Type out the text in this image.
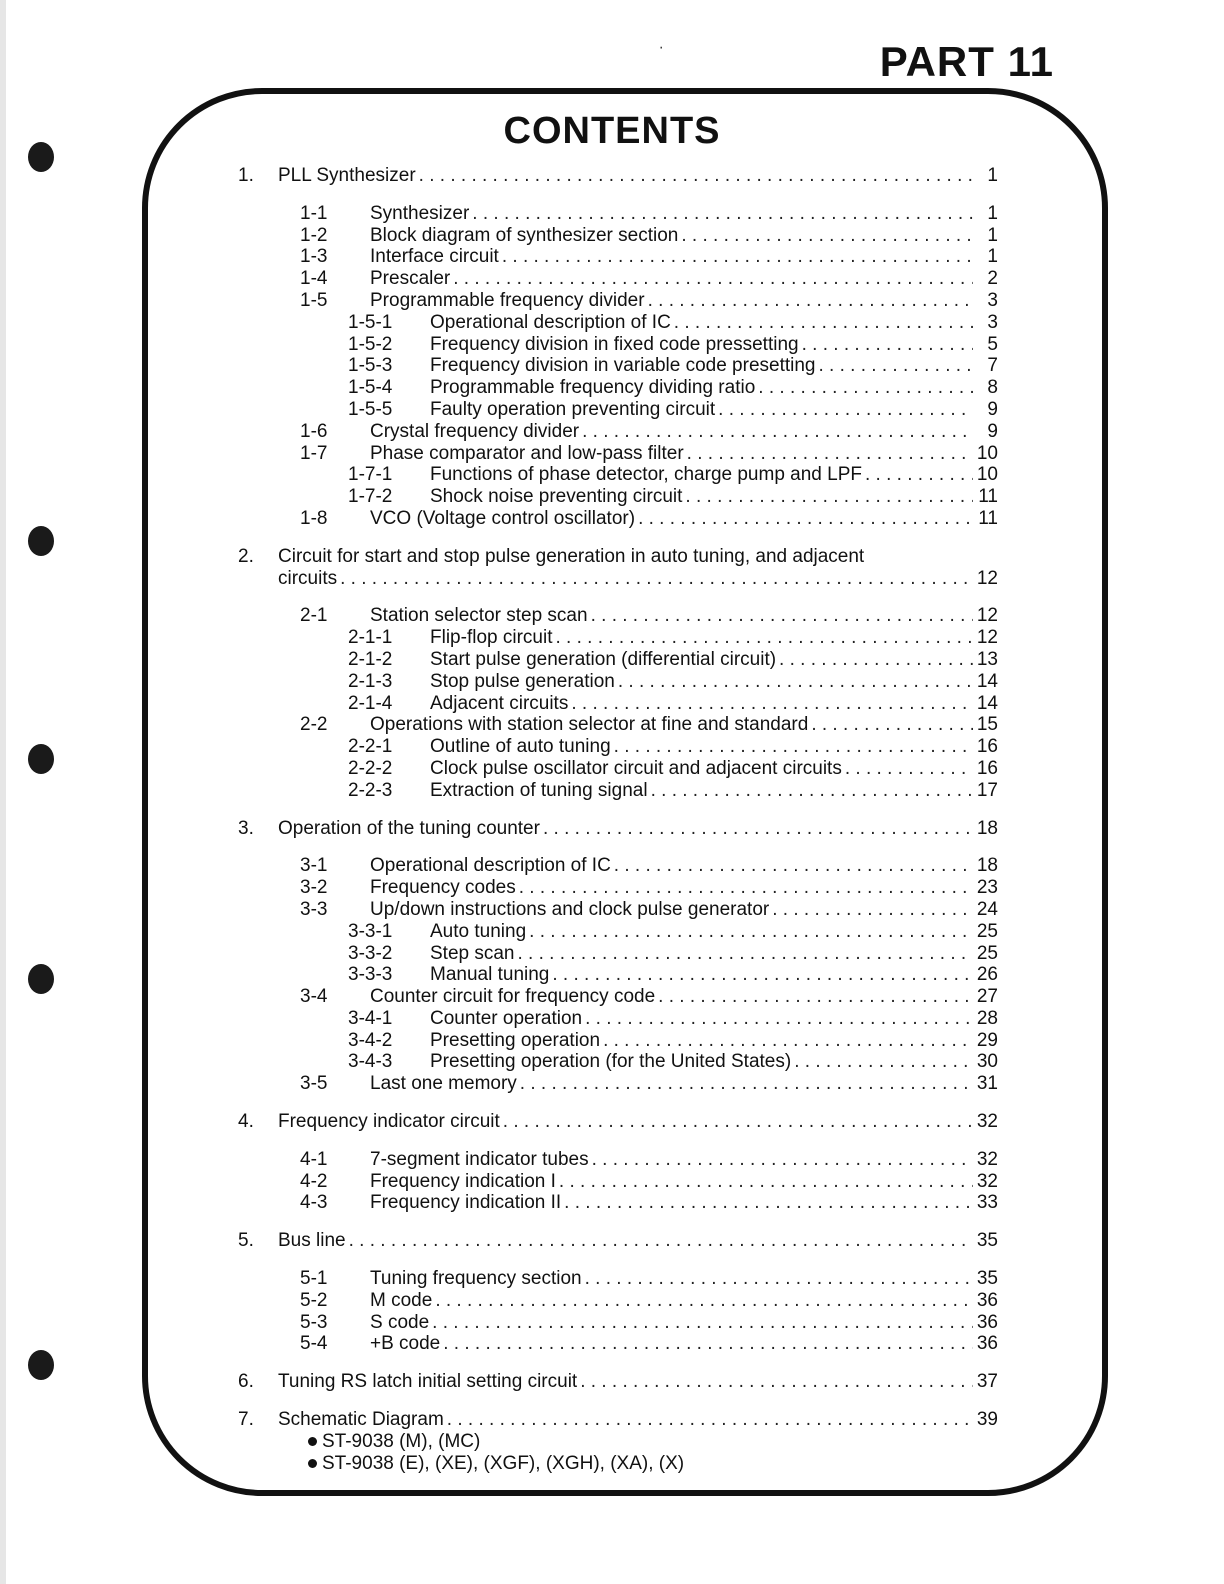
‧	PART 11
CONTENTS
1.	PLL Synthesizer . . .	1
1-1	Synthesizer . . .	1
1-2	Block diagram of synthesizer section . . .	1
1-3	Interface circuit . . .	1
1-4	Prescaler . . .	2
1-5	Programmable frequency divider . . .	3
1-5-1	Operational description of IC . . .	3
1-5-2	Frequency division in fixed code pressetting . . .	5
1-5-3	Frequency division in variable code presetting . . .	7
1-5-4	Programmable frequency dividing ratio . . .	8
1-5-5	Faulty operation preventing circuit . . .	9
1-6	Crystal frequency divider . . .	9
1-7	Phase comparator and low-pass filter . . .	10
1-7-1	Functions of phase detector, charge pump and LPF . . .	10
1-7-2	Shock noise preventing circuit . . .	11
1-8	VCO (Voltage control oscillator) . . .	11
2.	Circuit for start and stop pulse generation in auto tuning, and adjacent
circuits . . .	12
2-1	Station selector step scan . . .	12
2-1-1	Flip-flop circuit . . .	12
2-1-2	Start pulse generation (differential circuit) . . .	13
2-1-3	Stop pulse generation . . .	14
2-1-4	Adjacent circuits . . .	14
2-2	Operations with station selector at fine and standard . . .	15
2-2-1	Outline of auto tuning . . .	16
2-2-2	Clock pulse oscillator circuit and adjacent circuits . . .	16
2-2-3	Extraction of tuning signal . . .	17
3.	Operation of the tuning counter . . .	18
3-1	Operational description of IC . . .	18
3-2	Frequency codes . . .	23
3-3	Up/down instructions and clock pulse generator . . .	24
3-3-1	Auto tuning . . .	25
3-3-2	Step scan . . .	25
3-3-3	Manual tuning . . .	26
3-4	Counter circuit for frequency code . . .	27
3-4-1	Counter operation . . .	28
3-4-2	Presetting operation . . .	29
3-4-3	Presetting operation (for the United States) . . .	30
3-5	Last one memory . . .	31
4.	Frequency indicator circuit . . .	32
4-1	7-segment indicator tubes . . .	32
4-2	Frequency indication I . . .	32
4-3	Frequency indication II . . .	33
5.	Bus line . . .	35
5-1	Tuning frequency section . . .	35
5-2	M code . . .	36
5-3	S code . . .	36
5-4	+B code . . .	36
6.	Tuning RS latch initial setting circuit . . .	37
7.	Schematic Diagram . . .	39
ST-9038 (M), (MC)
ST-9038 (E), (XE), (XGF), (XGH), (XA), (X)
